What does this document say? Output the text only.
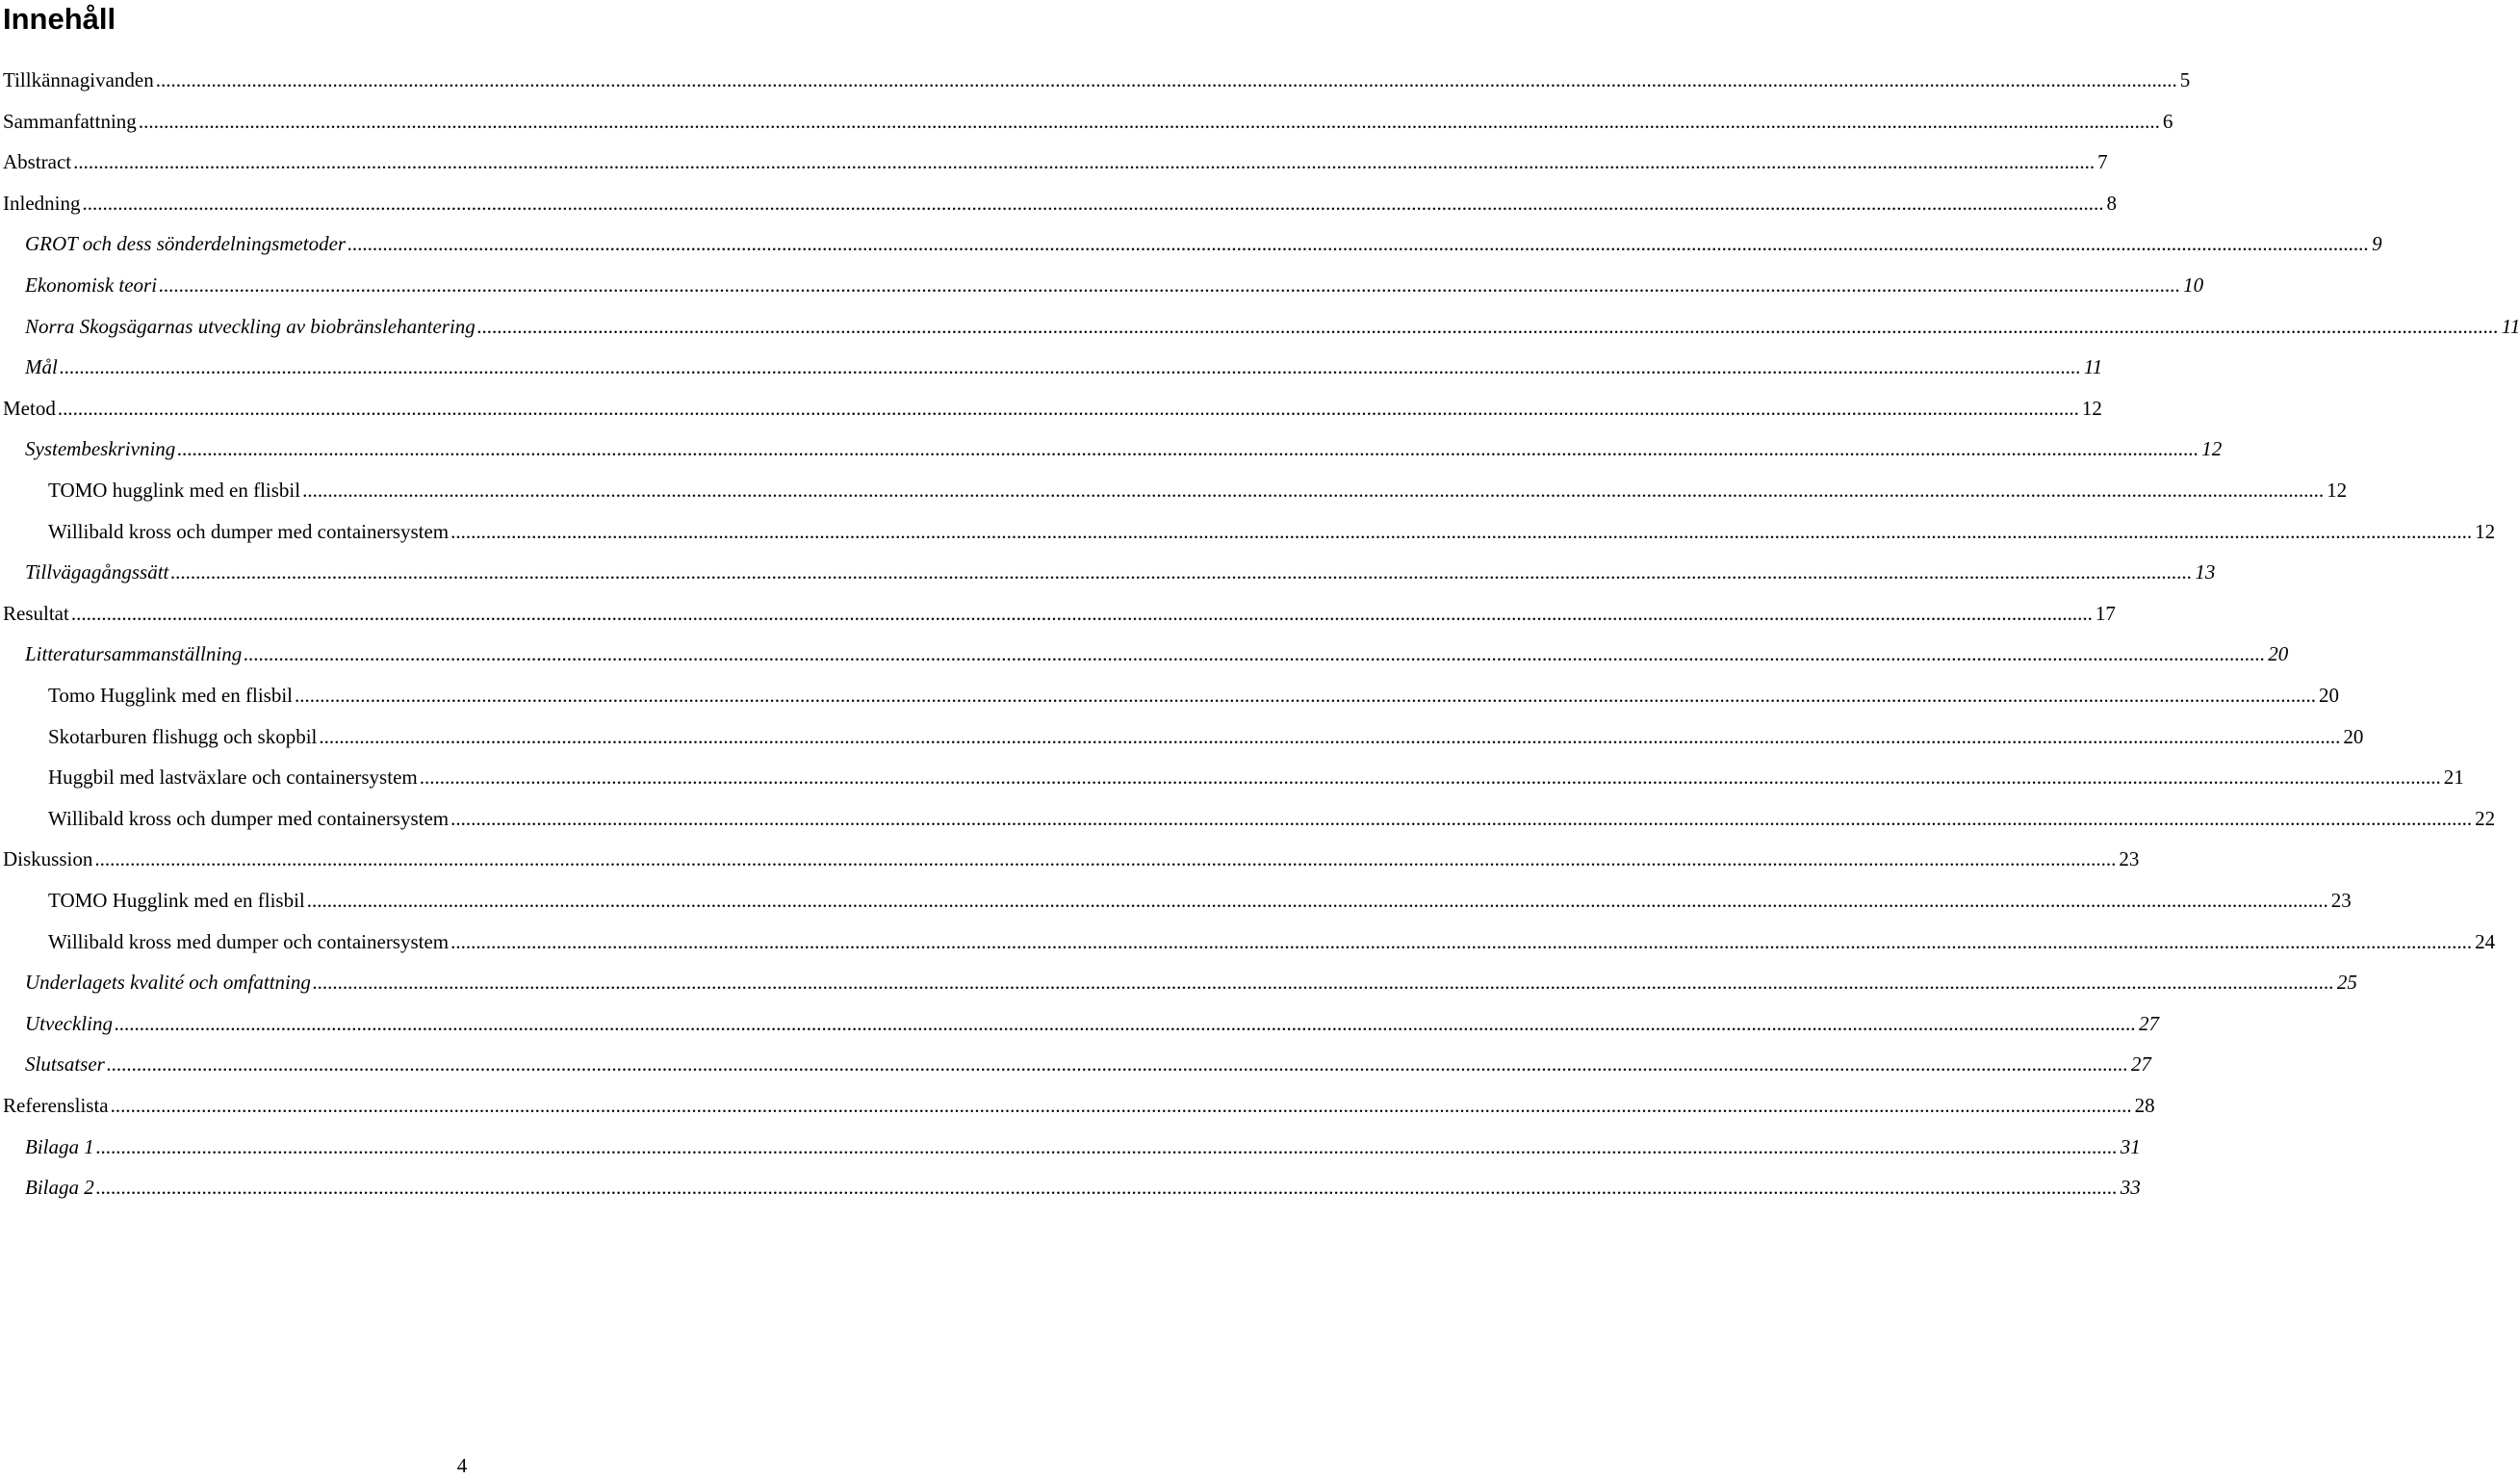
Innehåll
Tillkännagivanden ................................................................................................................................................................................................................................................................................................................................................................................................................ 5
Sammanfattning ................................................................................................................................................................................................................................................................................................................................................................................................................ 6
Abstract ................................................................................................................................................................................................................................................................................................................................................................................................................ 7
Inledning ................................................................................................................................................................................................................................................................................................................................................................................................................ 8
GROT och dess sönderdelningsmetoder ................................................................................................................................................................................................................................................................................................................................................................................................................ 9
Ekonomisk teori ................................................................................................................................................................................................................................................................................................................................................................................................................ 10
Norra Skogsägarnas utveckling av biobränslehantering ................................................................................................................................................................................................................................................................................................................................................................................................................ 11
Mål ................................................................................................................................................................................................................................................................................................................................................................................................................ 11
Metod ................................................................................................................................................................................................................................................................................................................................................................................................................ 12
Systembeskrivning ................................................................................................................................................................................................................................................................................................................................................................................................................ 12
TOMO hugglink med en flisbil ................................................................................................................................................................................................................................................................................................................................................................................................................ 12
Willibald kross och dumper med containersystem ................................................................................................................................................................................................................................................................................................................................................................................................................ 12
Tillvägagångssätt ................................................................................................................................................................................................................................................................................................................................................................................................................ 13
Resultat ................................................................................................................................................................................................................................................................................................................................................................................................................ 17
Litteratursammanställning ................................................................................................................................................................................................................................................................................................................................................................................................................ 20
Tomo Hugglink med en flisbil ................................................................................................................................................................................................................................................................................................................................................................................................................ 20
Skotarburen flishugg och skopbil ................................................................................................................................................................................................................................................................................................................................................................................................................ 20
Huggbil med lastväxlare och containersystem ................................................................................................................................................................................................................................................................................................................................................................................................................ 21
Willibald kross och dumper med containersystem ................................................................................................................................................................................................................................................................................................................................................................................................................ 22
Diskussion ................................................................................................................................................................................................................................................................................................................................................................................................................ 23
TOMO Hugglink med en flisbil ................................................................................................................................................................................................................................................................................................................................................................................................................ 23
Willibald kross med dumper och containersystem ................................................................................................................................................................................................................................................................................................................................................................................................................ 24
Underlagets kvalité och omfattning ................................................................................................................................................................................................................................................................................................................................................................................................................ 25
Utveckling ................................................................................................................................................................................................................................................................................................................................................................................................................ 27
Slutsatser ................................................................................................................................................................................................................................................................................................................................................................................................................ 27
Referenslista ................................................................................................................................................................................................................................................................................................................................................................................................................ 28
Bilaga 1 ................................................................................................................................................................................................................................................................................................................................................................................................................ 31
Bilaga 2 ................................................................................................................................................................................................................................................................................................................................................................................................................ 33
4
